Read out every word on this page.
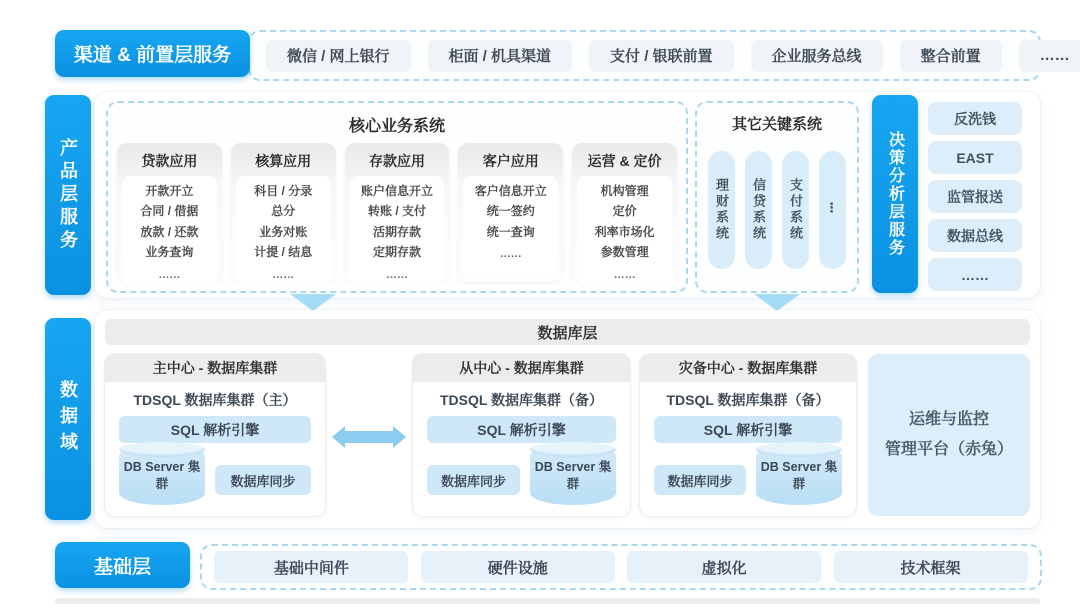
微信 / 网上银行	柜面 / 机具渠道	支付 / 银联前置	企业服务总线	整合前置	……
渠道 & 前置层服务
产品层服务
核心业务系统
贷款应用
开款开立
合同 / 借据
放款 / 还款
业务查询
……
核算应用
科目 / 分录
总分
业务对账
计提 / 结息
……
存款应用
账户信息开立
转账 / 支付
活期存款
定期存款
……
客户应用
客户信息开立
统一签约
统一查询
……
运营 & 定价
机构管理
定价
利率市场化
参数管理
……
其它关键系统
理财系统	信贷系统	支付系统	⋮	决策分析层服务
反洗钱
EAST
监管报送
数据总线
……
数据域
数据库层
主中心 - 数据库集群
TDSQL 数据库集群（主）
SQL 解析引擎
DB Server 集群	数据库同步
从中心 - 数据库集群
TDSQL 数据库集群（备）
SQL 解析引擎
数据库同步
DB Server 集群
灾备中心 - 数据库集群
TDSQL 数据库集群（备）
SQL 解析引擎
数据库同步
DB Server 集群
运维与监控
管理平台（赤兔）
基础中间件	硬件设施	虚拟化	技术框架
基础层
